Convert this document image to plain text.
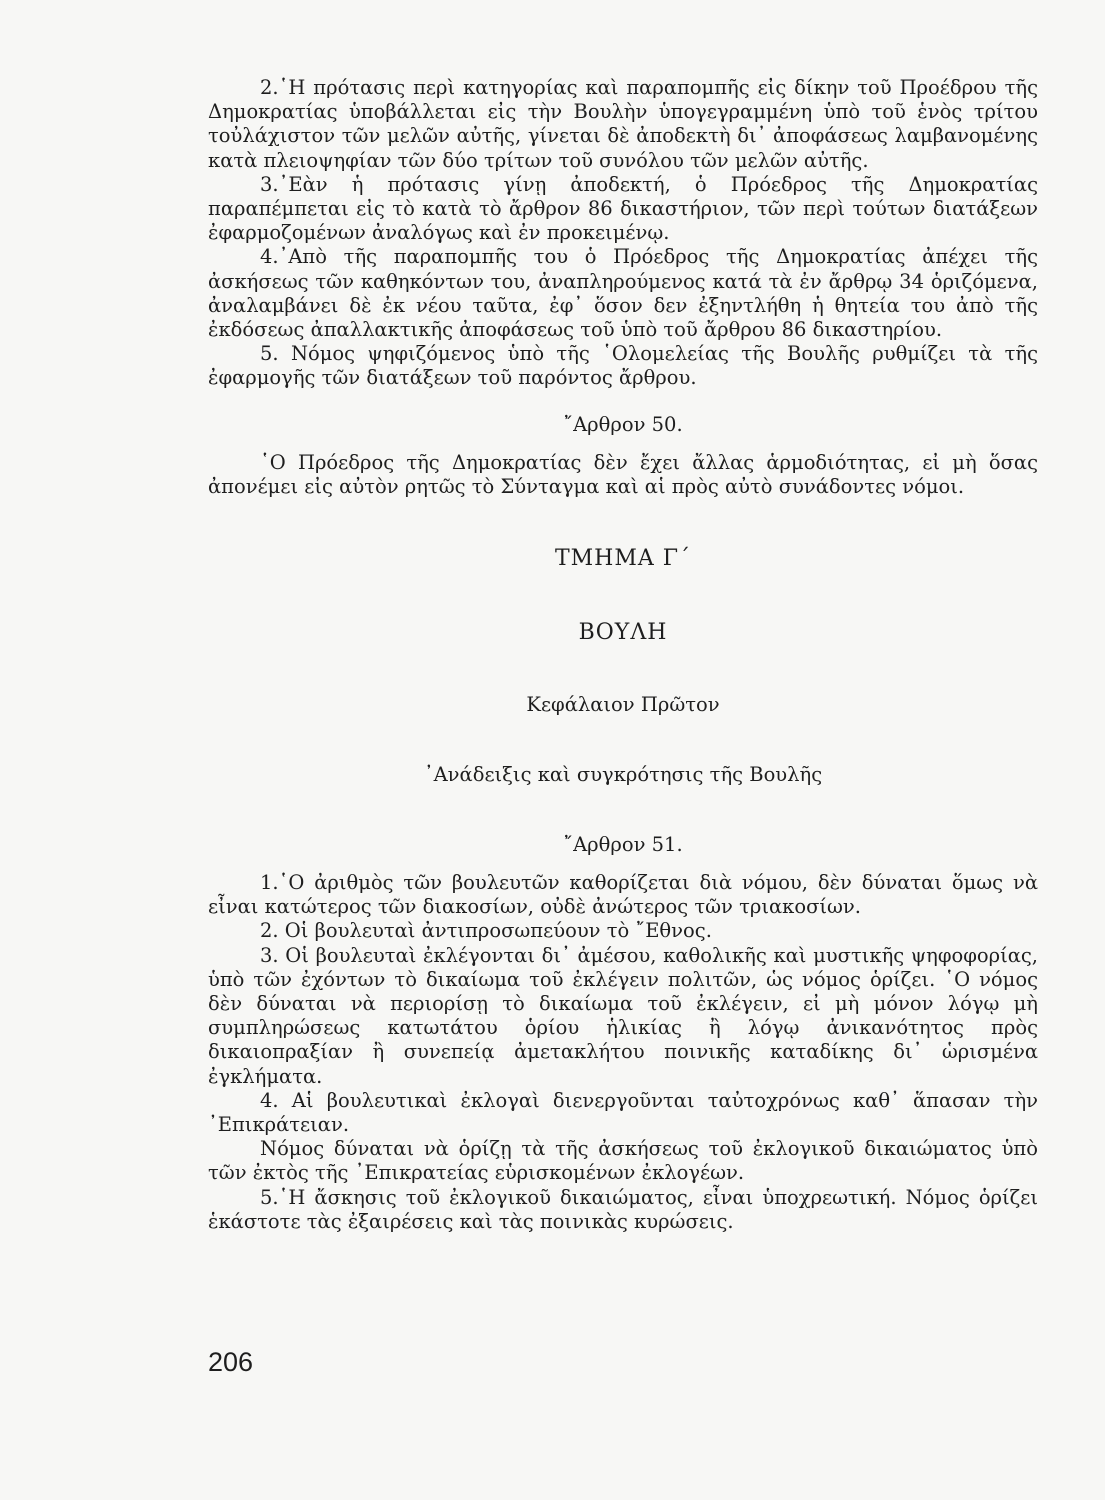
2.῾Η πρότασις περὶ κατηγορίας καὶ παραπομπῆς εἰς δίκην τοῦ Προέδρου τῆς Δημοκρατίας ὑποβάλλεται εἰς τὴν Βουλὴν ὑπογεγραμμένη ὑπὸ τοῦ ἑνὸς τρίτου τοὐλάχιστον τῶν μελῶν αὐτῆς, γίνεται δὲ ἀποδεκτὴ δι᾽ ἀποφάσεως λαμβανομένης κατὰ πλειοψηφίαν τῶν δύο τρίτων τοῦ συνόλου τῶν μελῶν αὐτῆς.

3.᾽Εὰν ἡ πρότασις γίνῃ ἀποδεκτή, ὁ Πρόεδρος τῆς Δημοκρατίας παραπέμπεται εἰς τὸ κατὰ τὸ ἄρθρον 86 δικαστήριον, τῶν περὶ τούτων διατάξεων ἐφαρμοζομένων ἀναλόγως καὶ ἐν προκειμένῳ.

4.᾽Απὸ τῆς παραπομπῆς του ὁ Πρόεδρος τῆς Δημοκρατίας ἀπέχει τῆς ἀσκήσεως τῶν καθηκόντων του, ἀναπληρούμενος κατά τὰ ἐν ἄρθρῳ 34 ὁριζόμενα, ἀναλαμβάνει δὲ ἐκ νέου ταῦτα, ἐφ᾽ ὅσον δεν ἐξηντλήθη ἡ θητεία του ἀπὸ τῆς ἐκδόσεως ἀπαλλακτικῆς ἀποφάσεως τοῦ ὑπὸ τοῦ ἄρθρου 86 δικαστηρίου.

5. Νόμος ψηφιζόμενος ὑπὸ τῆς ῾Ολομελείας τῆς Βουλῆς ρυθμίζει τὰ τῆς ἐφαρμογῆς τῶν διατάξεων τοῦ παρόντος ἄρθρου.

῎Αρθρον 50.

῾Ο Πρόεδρος τῆς Δημοκρατίας δὲν ἔχει ἄλλας ἁρμοδιότητας, εἰ μὴ ὅσας ἀπονέμει εἰς αὐτὸν ρητῶς τὸ Σύνταγμα καὶ αἱ πρὸς αὐτὸ συνάδοντες νόμοι.

ΤΜΗΜΑ Γ΄

ΒΟΥΛΗ

Κεφάλαιον Πρῶτον

᾽Ανάδειξις καὶ συγκρότησις τῆς Βουλῆς

῎Αρθρον 51.

1.῾Ο ἀριθμὸς τῶν βουλευτῶν καθορίζεται διὰ νόμου, δὲν δύναται ὅμως νὰ εἶναι κατώτερος τῶν διακοσίων, οὐδὲ ἀνώτερος τῶν τριακοσίων.

2. Οἱ βουλευταὶ ἀντιπροσωπεύουν τὸ ῎Εθνος.

3. Οἱ βουλευταὶ ἐκλέγονται δι᾽ ἀμέσου, καθολικῆς καὶ μυστικῆς ψηφοφορίας, ὑπὸ τῶν ἐχόντων τὸ δικαίωμα τοῦ ἐκλέγειν πολιτῶν, ὡς νόμος ὁρίζει. ῾Ο νόμος δὲν δύναται νὰ περιορίσῃ τὸ δικαίωμα τοῦ ἐκλέγειν, εἰ μὴ μόνον λόγῳ μὴ συμπληρώσεως κατωτάτου ὁρίου ἡλικίας ἢ λόγῳ ἀνικανότητος πρὸς δικαιοπραξίαν ἢ συνεπείᾳ ἀμετακλήτου ποινικῆς καταδίκης δι᾽ ὡρισμένα ἐγκλήματα.

4. Αἱ βουλευτικαὶ ἐκλογαὶ διενεργοῦνται ταὐτοχρόνως καθ᾽ ἅπασαν τὴν ᾽Επικράτειαν.

Νόμος δύναται νὰ ὁρίζῃ τὰ τῆς ἀσκήσεως τοῦ ἐκλογικοῦ δικαιώματος ὑπὸ τῶν ἐκτὸς τῆς ᾽Επικρατείας εὑρισκομένων ἐκλογέων.

5.῾Η ἄσκησις τοῦ ἐκλογικοῦ δικαιώματος, εἶναι ὑποχρεωτική. Νόμος ὁρίζει ἑκάστοτε τὰς ἐξαιρέσεις καὶ τὰς ποινικὰς κυρώσεις.

206
